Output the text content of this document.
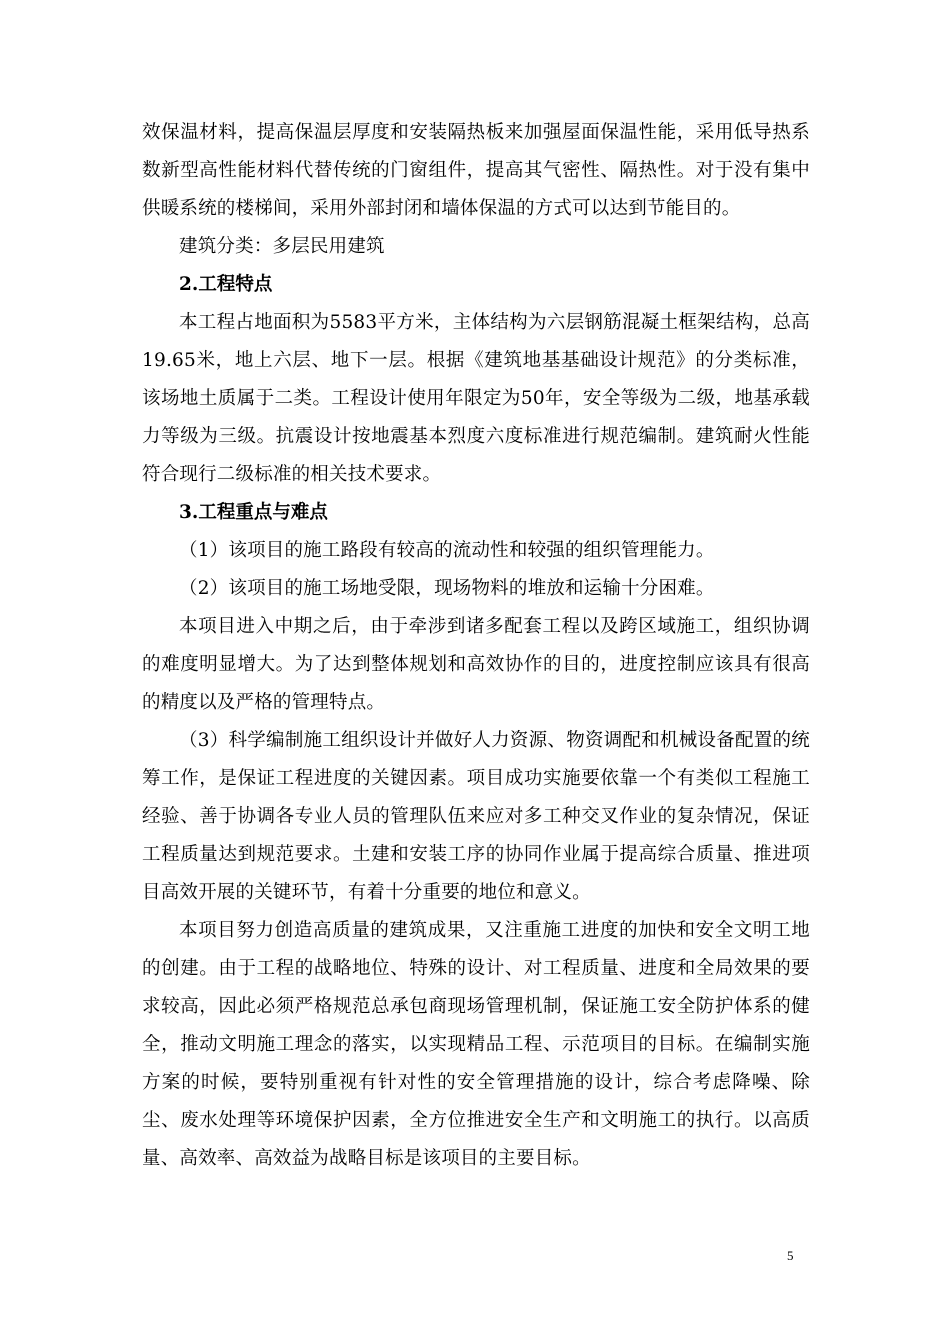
效保温材料，提高保温层厚度和安装隔热板来加强屋面保温性能，采用低导热系数新型高性能材料代替传统的门窗组件，提高其气密性、隔热性。对于没有集中供暖系统的楼梯间，采用外部封闭和墙体保温的方式可以达到节能目的。

建筑分类：多层民用建筑

2.工程特点

本工程占地面积为5583平方米，主体结构为六层钢筋混凝土框架结构，总高19.65米，地上六层、地下一层。根据《建筑地基基础设计规范》的分类标准，该场地土质属于二类。工程设计使用年限定为50年，安全等级为二级，地基承载力等级为三级。抗震设计按地震基本烈度六度标准进行规范编制。建筑耐火性能符合现行二级标准的相关技术要求。

3.工程重点与难点

（1）该项目的施工路段有较高的流动性和较强的组织管理能力。

（2）该项目的施工场地受限，现场物料的堆放和运输十分困难。

本项目进入中期之后，由于牵涉到诸多配套工程以及跨区域施工，组织协调的难度明显增大。为了达到整体规划和高效协作的目的，进度控制应该具有很高的精度以及严格的管理特点。

（3）科学编制施工组织设计并做好人力资源、物资调配和机械设备配置的统筹工作，是保证工程进度的关键因素。项目成功实施要依靠一个有类似工程施工经验、善于协调各专业人员的管理队伍来应对多工种交叉作业的复杂情况，保证工程质量达到规范要求。土建和安装工序的协同作业属于提高综合质量、推进项目高效开展的关键环节，有着十分重要的地位和意义。

本项目努力创造高质量的建筑成果，又注重施工进度的加快和安全文明工地的创建。由于工程的战略地位、特殊的设计、对工程质量、进度和全局效果的要求较高，因此必须严格规范总承包商现场管理机制，保证施工安全防护体系的健全，推动文明施工理念的落实，以实现精品工程、示范项目的目标。在编制实施方案的时候，要特别重视有针对性的安全管理措施的设计，综合考虑降噪、除尘、废水处理等环境保护因素，全方位推进安全生产和文明施工的执行。以高质量、高效率、高效益为战略目标是该项目的主要目标。

5
